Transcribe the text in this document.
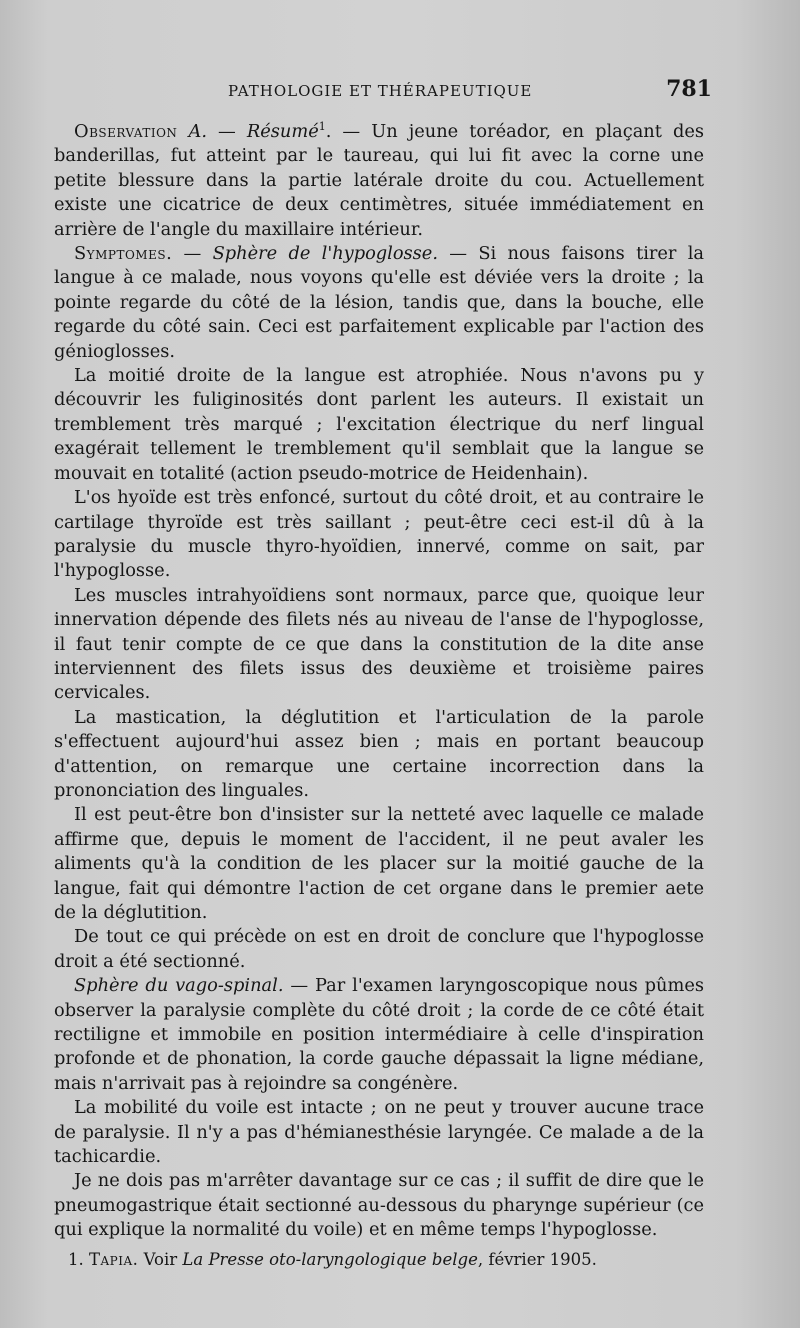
PATHOLOGIE ET THÉRAPEUTIQUE	781

Observation A. — Résumé$^1$. — Un jeune toréador, en plaçant des banderillas, fut atteint par le taureau, qui lui fit avec la corne une petite blessure dans la partie latérale droite du cou. Actuellement existe une cicatrice de deux centimètres, située immédiatement en arrière de l'angle du maxillaire intérieur.

Symptomes. — Sphère de l'hypoglosse. — Si nous faisons tirer la langue à ce malade, nous voyons qu'elle est déviée vers la droite ; la pointe regarde du côté de la lésion, tandis que, dans la bouche, elle regarde du côté sain. Ceci est parfaitement explicable par l'action des génioglosses.

La moitié droite de la langue est atrophiée. Nous n'avons pu y découvrir les fuliginosités dont parlent les auteurs. Il existait un tremblement très marqué ; l'excitation électrique du nerf lingual exagérait tellement le tremblement qu'il semblait que la langue se mouvait en totalité (action pseudo-motrice de Heidenhain).

L'os hyoïde est très enfoncé, surtout du côté droit, et au contraire le cartilage thyroïde est très saillant ; peut-être ceci est-il dû à la paralysie du muscle thyro-hyoïdien, innervé, comme on sait, par l'hypoglosse.

Les muscles intrahyoïdiens sont normaux, parce que, quoique leur innervation dépende des filets nés au niveau de l'anse de l'hypoglosse, il faut tenir compte de ce que dans la constitution de la dite anse interviennent des filets issus des deuxième et troisième paires cervicales.

La mastication, la déglutition et l'articulation de la parole s'effectuent aujourd'hui assez bien ; mais en portant beaucoup d'attention, on remarque une certaine incorrection dans la prononciation des linguales.

Il est peut-être bon d'insister sur la netteté avec laquelle ce malade affirme que, depuis le moment de l'accident, il ne peut avaler les aliments qu'à la condition de les placer sur la moitié gauche de la langue, fait qui démontre l'action de cet organe dans le premier aete de la déglutition.

De tout ce qui précède on est en droit de conclure que l'hypoglosse droit a été sectionné.

Sphère du vago-spinal. — Par l'examen laryngoscopique nous pûmes observer la paralysie complète du côté droit ; la corde de ce côté était rectiligne et immobile en position intermédiaire à celle d'inspiration profonde et de phonation, la corde gauche dépassait la ligne médiane, mais n'arrivait pas à rejoindre sa congénère.

La mobilité du voile est intacte ; on ne peut y trouver aucune trace de paralysie. Il n'y a pas d'hémianesthésie laryngée. Ce malade a de la tachicardie.

Je ne dois pas m'arrêter davantage sur ce cas ; il suffit de dire que le pneumogastrique était sectionné au-dessous du pharynge supérieur (ce qui explique la normalité du voile) et en même temps l'hypoglosse.

1. Tapia. Voir La Presse oto-laryngologique belge, février 1905.
